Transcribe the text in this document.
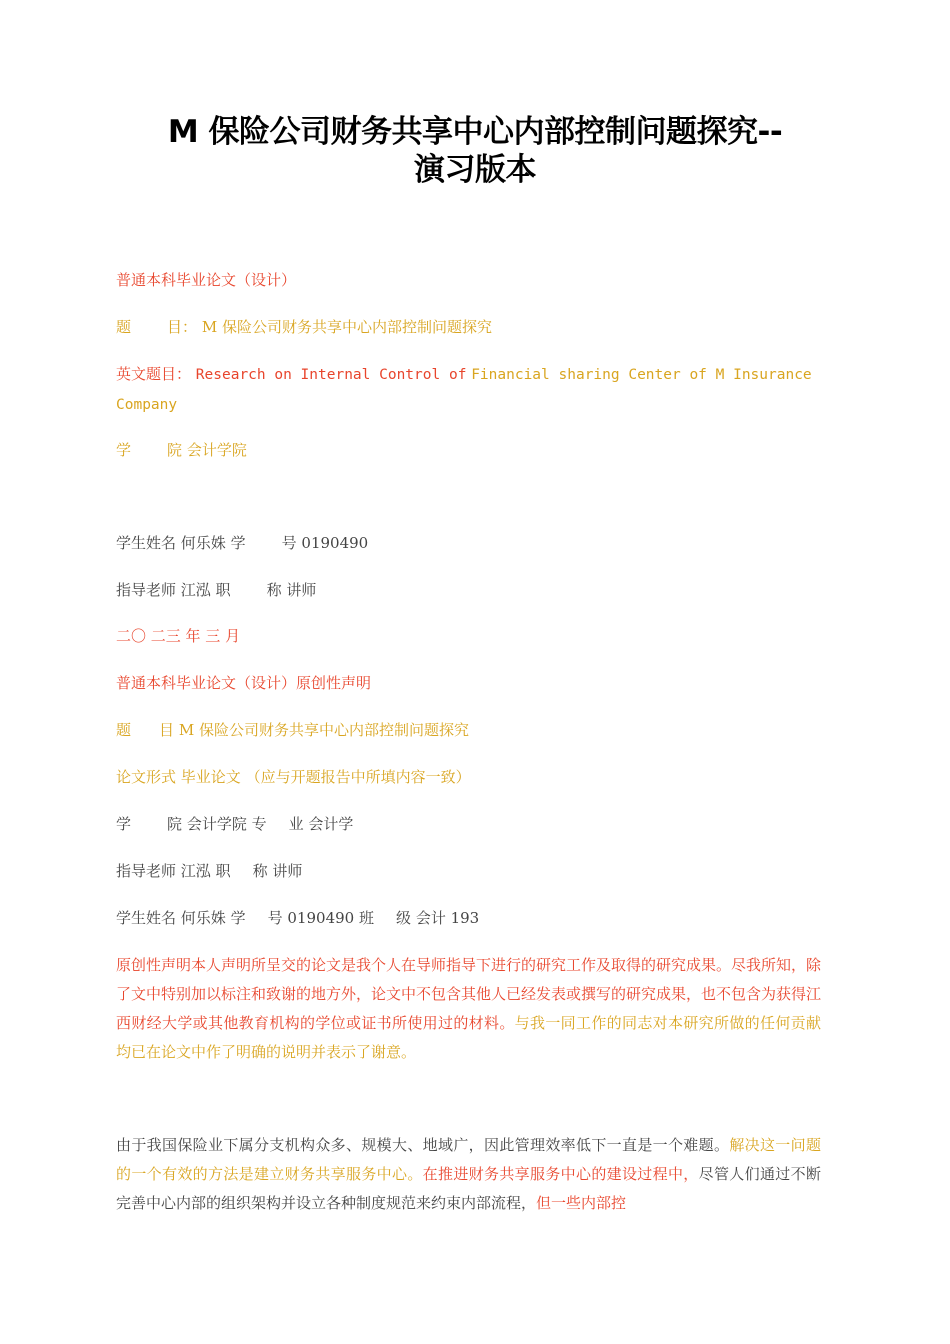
M 保险公司财务共享中心内部控制问题探究--
演习版本

普通本科毕业论文（设计）

题 目： M 保险公司财务共享中心内部控制问题探究

英文题目： Research on Internal Control of Financial sharing Center of M Insurance
Company

学 院 会计学院

学生姓名 何乐姝 学 号 0190490

指导老师 江泓 职 称 讲师

二〇 二三 年 三 月

普通本科毕业论文（设计）原创性声明

题 目 M 保险公司财务共享中心内部控制问题探究

论文形式 毕业论文 （应与开题报告中所填内容一致）

学 院 会计学院 专 业 会计学

指导老师 江泓 职 称 讲师

学生姓名 何乐姝 学 号 0190490 班 级 会计 193

原创性声明本人声明所呈交的论文是我个人在导师指导下进行的研究工作及取得的研究成果。尽我所知，除了文中特别加以标注和致谢的地方外，论文中不包含其他人已经发表或撰写的研究成果，也不包含为获得江西财经大学或其他教育机构的学位或证书所使用过的材料。与我一同工作的同志对本研究所做的任何贡献均已在论文中作了明确的说明并表示了谢意。

由于我国保险业下属分支机构众多、规模大、地域广，因此管理效率低下一直是一个难题。解决这一问题的一个有效的方法是建立财务共享服务中心。在推进财务共享服务中心的建设过程中，尽管人们通过不断完善中心内部的组织架构并设立各种制度规范来约束内部流程，但一些内部控
